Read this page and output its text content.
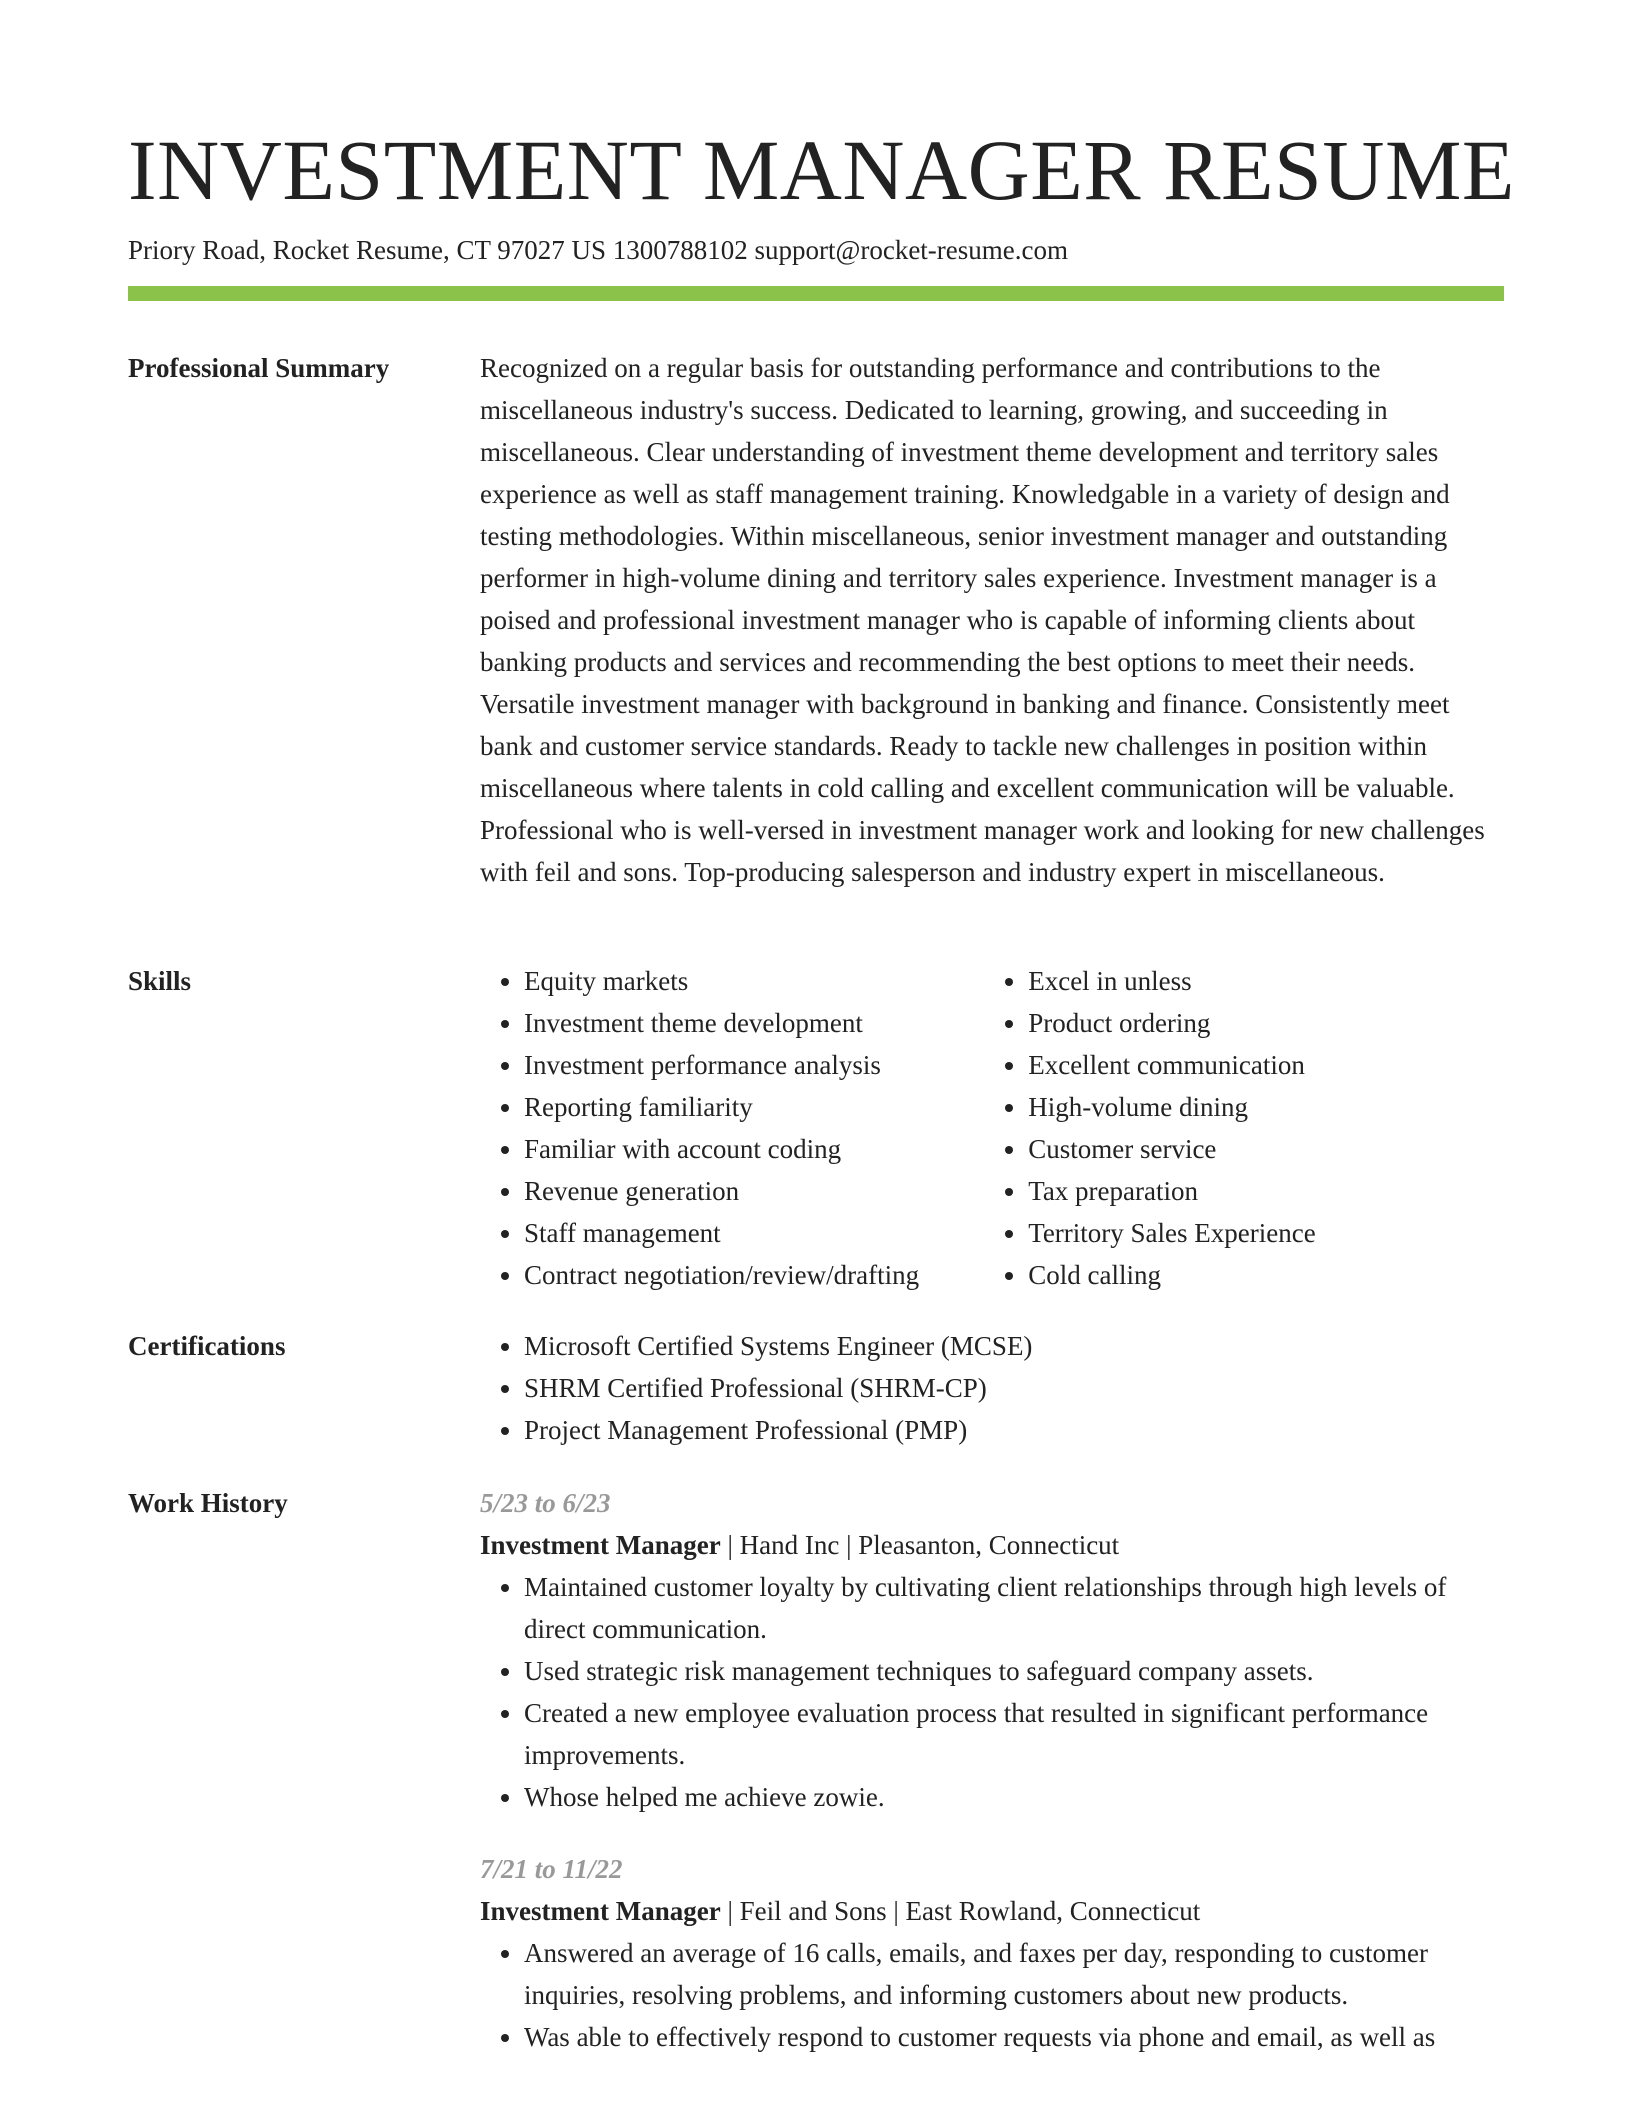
INVESTMENT MANAGER RESUME
Priory Road, Rocket Resume, CT 97027 US 1300788102 support@rocket-resume.com
Professional Summary	Recognized on a regular basis for outstanding performance and contributions to the miscellaneous industry's success. Dedicated to learning, growing, and succeeding in miscellaneous. Clear understanding of investment theme development and territory sales experience as well as staff management training. Knowledgable in a variety of design and testing methodologies. Within miscellaneous, senior investment manager and outstanding performer in high-volume dining and territory sales experience. Investment manager is a poised and professional investment manager who is capable of informing clients about banking products and services and recommending the best options to meet their needs. Versatile investment manager with background in banking and finance. Consistently meet bank and customer service standards. Ready to tackle new challenges in position within miscellaneous where talents in cold calling and excellent communication will be valuable. Professional who is well-versed in investment manager work and looking for new challenges with feil and sons. Top-producing salesperson and industry expert in miscellaneous.

Skills	• Equity markets
• Investment theme development
• Investment performance analysis
• Reporting familiarity
• Familiar with account coding
• Revenue generation
• Staff management
• Contract negotiation/review/drafting
• Excel in unless
• Product ordering
• Excellent communication
• High-volume dining
• Customer service
• Tax preparation
• Territory Sales Experience
• Cold calling
Certifications	• Microsoft Certified Systems Engineer (MCSE)
• SHRM Certified Professional (SHRM-CP)
• Project Management Professional (PMP)
Work History	5/23 to 6/23
Investment Manager | Hand Inc | Pleasanton, Connecticut
• Maintained customer loyalty by cultivating client relationships through high levels of direct communication.
• Used strategic risk management techniques to safeguard company assets.
• Created a new employee evaluation process that resulted in significant performance improvements.
• Whose helped me achieve zowie.
7/21 to 11/22
Investment Manager | Feil and Sons | East Rowland, Connecticut
• Answered an average of 16 calls, emails, and faxes per day, responding to customer inquiries, resolving problems, and informing customers about new products.
• Was able to effectively respond to customer requests via phone and email, as well as
